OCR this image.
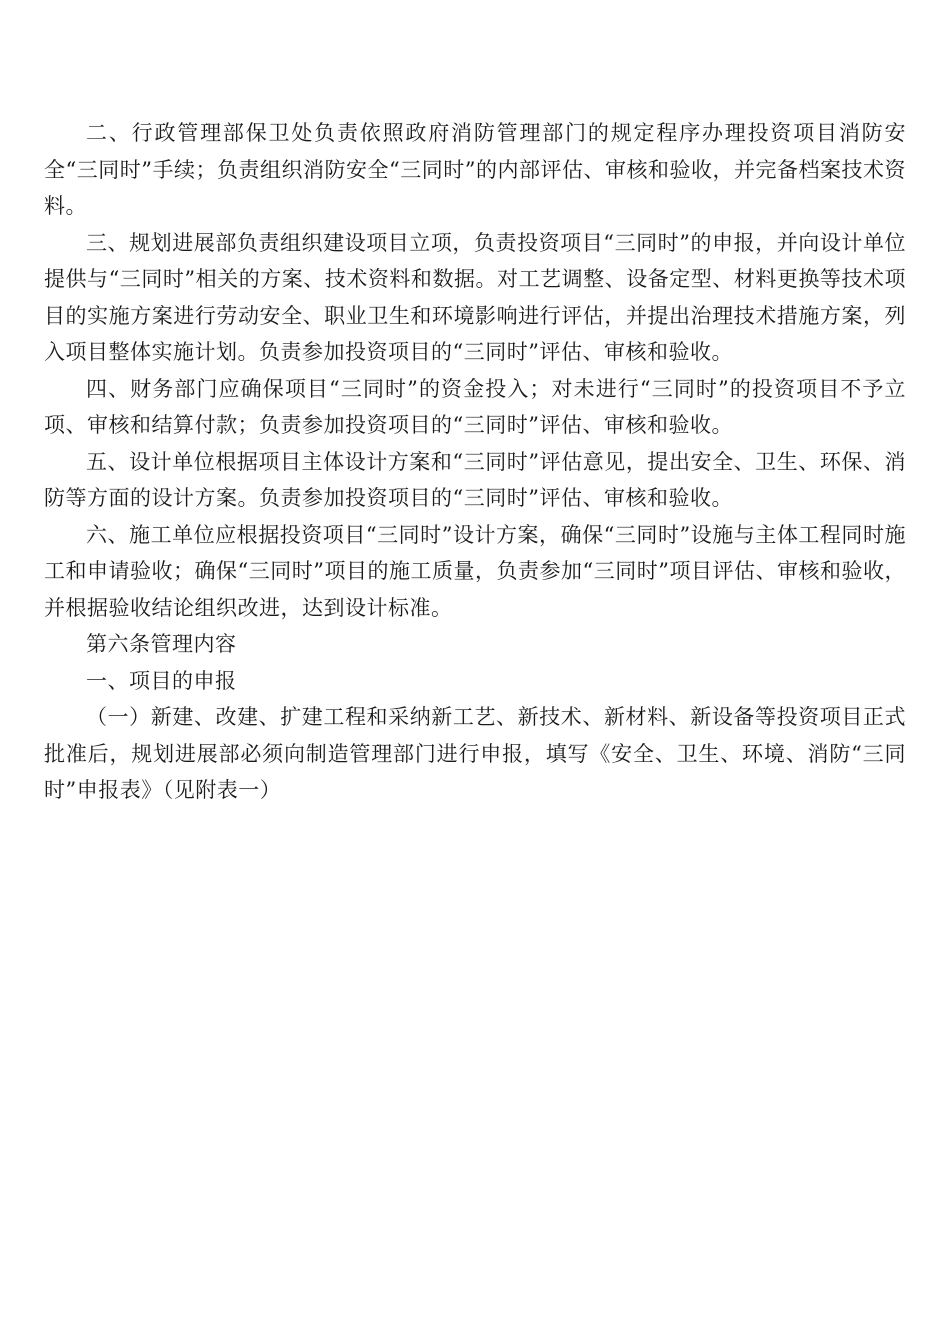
二、行政管理部保卫处负责依照政府消防管理部门的规定程序办理投资项目消防安全“三同时”手续；负责组织消防安全“三同时”的内部评估、审核和验收，并完备档案技术资料。

三、规划进展部负责组织建设项目立项，负责投资项目“三同时”的申报，并向设计单位提供与“三同时”相关的方案、技术资料和数据。对工艺调整、设备定型、材料更换等技术项目的实施方案进行劳动安全、职业卫生和环境影响进行评估，并提出治理技术措施方案，列入项目整体实施计划。负责参加投资项目的“三同时”评估、审核和验收。

四、财务部门应确保项目“三同时”的资金投入；对未进行“三同时”的投资项目不予立项、审核和结算付款；负责参加投资项目的“三同时”评估、审核和验收。

五、设计单位根据项目主体设计方案和“三同时”评估意见，提出安全、卫生、环保、消防等方面的设计方案。负责参加投资项目的“三同时”评估、审核和验收。

六、施工单位应根据投资项目“三同时”设计方案，确保“三同时”设施与主体工程同时施工和申请验收；确保“三同时”项目的施工质量，负责参加“三同时”项目评估、审核和验收，并根据验收结论组织改进，达到设计标准。

第六条管理内容

一、项目的申报

（一）新建、改建、扩建工程和采纳新工艺、新技术、新材料、新设备等投资项目正式批准后，规划进展部必须向制造管理部门进行申报，填写《安全、卫生、环境、消防“三同时”申报表》（见附表一）
